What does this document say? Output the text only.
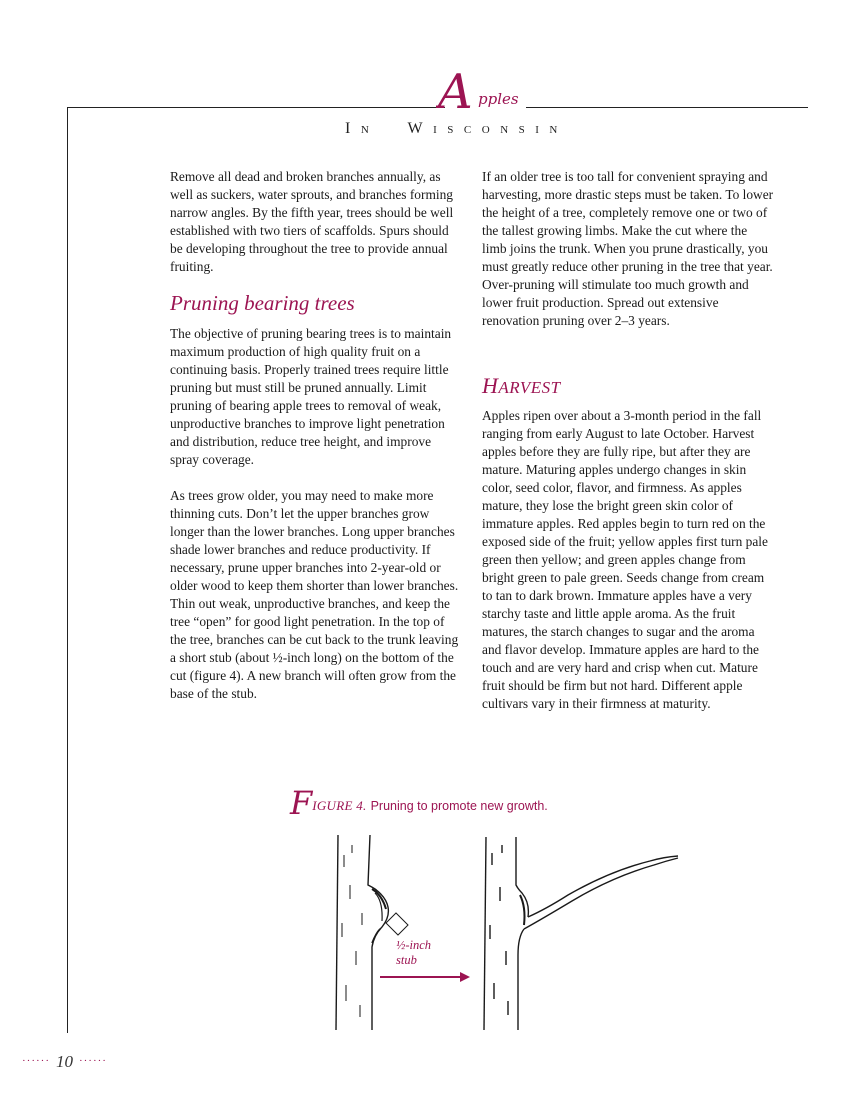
A pples
IN WISCONSIN

Remove all dead and broken branches annually, as well as suckers, water sprouts, and branches forming narrow angles. By the fifth year, trees should be well established with two tiers of scaffolds. Spurs should be developing throughout the tree to provide annual fruiting.

Pruning bearing trees

The objective of pruning bearing trees is to maintain maximum production of high quality fruit on a continuing basis. Properly trained trees require little pruning but must still be pruned annually. Limit pruning of bearing apple trees to removal of weak, unproductive branches to improve light penetration and distribution, reduce tree height, and improve spray coverage.

As trees grow older, you may need to make more thinning cuts. Don’t let the upper branches grow longer than the lower branches. Long upper branches shade lower branches and reduce productivity. If necessary, prune upper branches into 2-year-old or older wood to keep them shorter than lower branches. Thin out weak, unproductive branches, and keep the tree “open” for good light penetration. In the top of the tree, branches can be cut back to the trunk leaving a short stub (about ½-inch long) on the bottom of the cut (figure 4). A new branch will often grow from the base of the stub.

If an older tree is too tall for convenient spraying and harvesting, more drastic steps must be taken. To lower the height of a tree, completely remove one or two of the tallest growing limbs. Make the cut where the limb joins the trunk. When you prune drastically, you must greatly reduce other pruning in the tree that year. Over-pruning will stimulate too much growth and lower fruit production. Spread out extensive renovation pruning over 2–3 years.

HARVEST

Apples ripen over about a 3-month period in the fall ranging from early August to late October. Harvest apples before they are fully ripe, but after they are mature. Maturing apples undergo changes in skin color, seed color, flavor, and firmness. As apples mature, they lose the bright green skin color of immature apples. Red apples begin to turn red on the exposed side of the fruit; yellow apples first turn pale green then yellow; and green apples change from bright green to pale green. Seeds change from cream to tan to dark brown. Immature apples have a very starchy taste and little apple aroma. As the fruit matures, the starch changes to sugar and the aroma and flavor develop. Immature apples are hard to the touch and are very hard and crisp when cut. Mature fruit should be firm but not hard. Different apple cultivars vary in their firmness at maturity.

FIGURE 4. Pruning to promote new growth.
½-inch
stub
······ 10 ······
